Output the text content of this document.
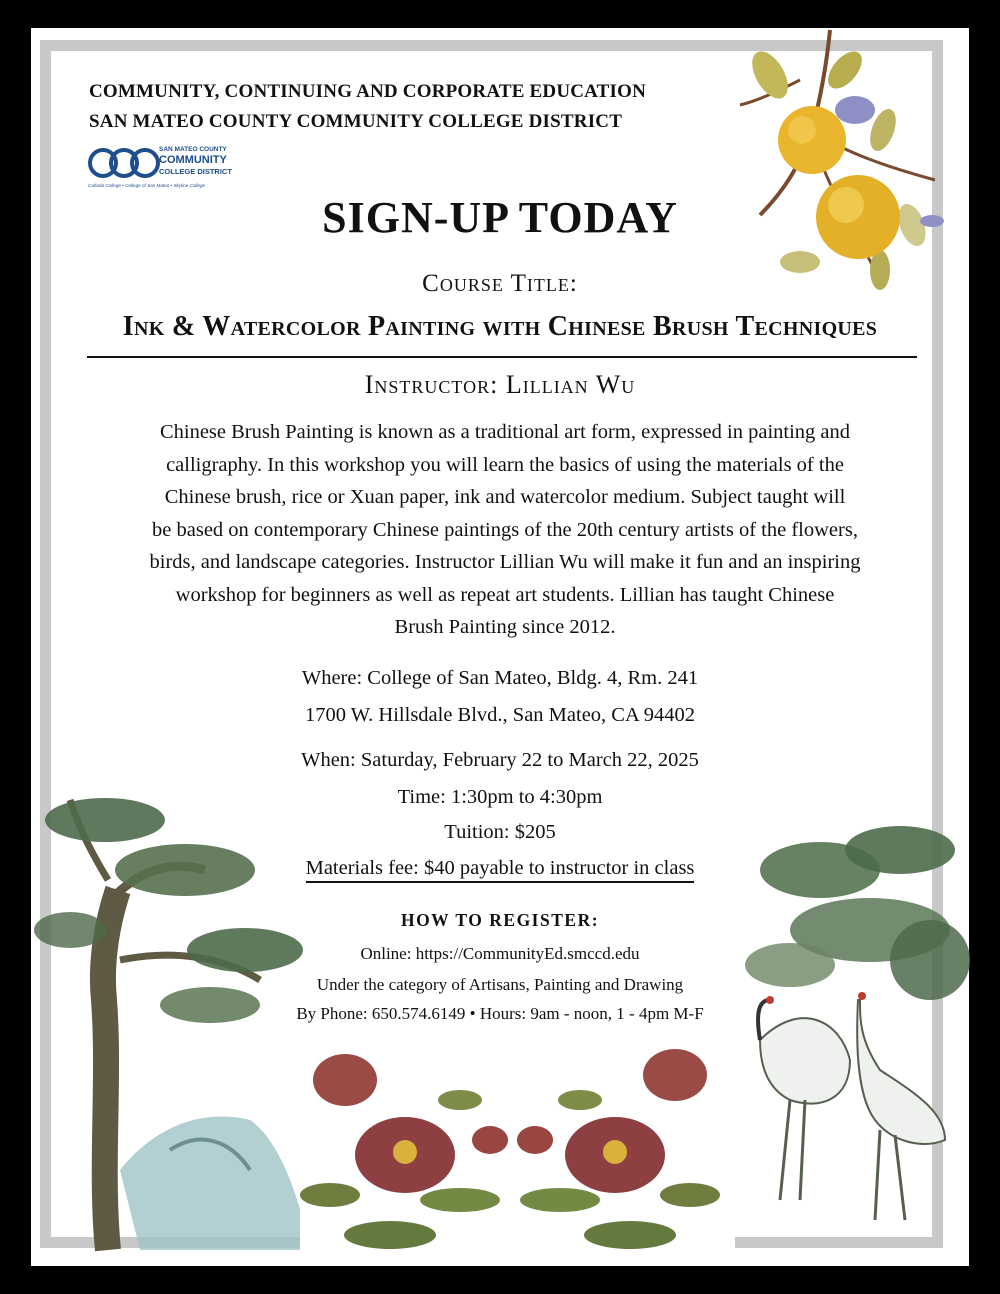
COMMUNITY, CONTINUING AND CORPORATE EDUCATION
SAN MATEO COUNTY COMMUNITY COLLEGE DISTRICT
SAN MATEO COUNTY
COMMUNITY
COLLEGE DISTRICT
Cañada College • College of San Mateo • Skyline College
SIGN-UP TODAY
Course Title:
Ink & Watercolor Painting with Chinese Brush Techniques
Instructor: Lillian Wu
Chinese Brush Painting is known as a traditional art form, expressed in painting and
calligraphy. In this workshop you will learn the basics of using the materials of the
Chinese brush, rice or Xuan paper, ink and watercolor medium. Subject taught will
be based on contemporary Chinese paintings of the 20th century artists of the flowers,
birds, and landscape categories. Instructor Lillian Wu will make it fun and an inspiring
workshop for beginners as well as repeat art students. Lillian has taught Chinese
Brush Painting since 2012.
Where: College of San Mateo, Bldg. 4, Rm. 241
1700 W. Hillsdale Blvd., San Mateo, CA 94402
When: Saturday, February 22 to March 22, 2025
Time: 1:30pm to 4:30pm
Tuition: $205
Materials fee: $40 payable to instructor in class
HOW TO REGISTER:
Online: https://CommunityEd.smccd.edu
Under the category of Artisans, Painting and Drawing
By Phone: 650.574.6149 • Hours: 9am - noon, 1 - 4pm M-F
